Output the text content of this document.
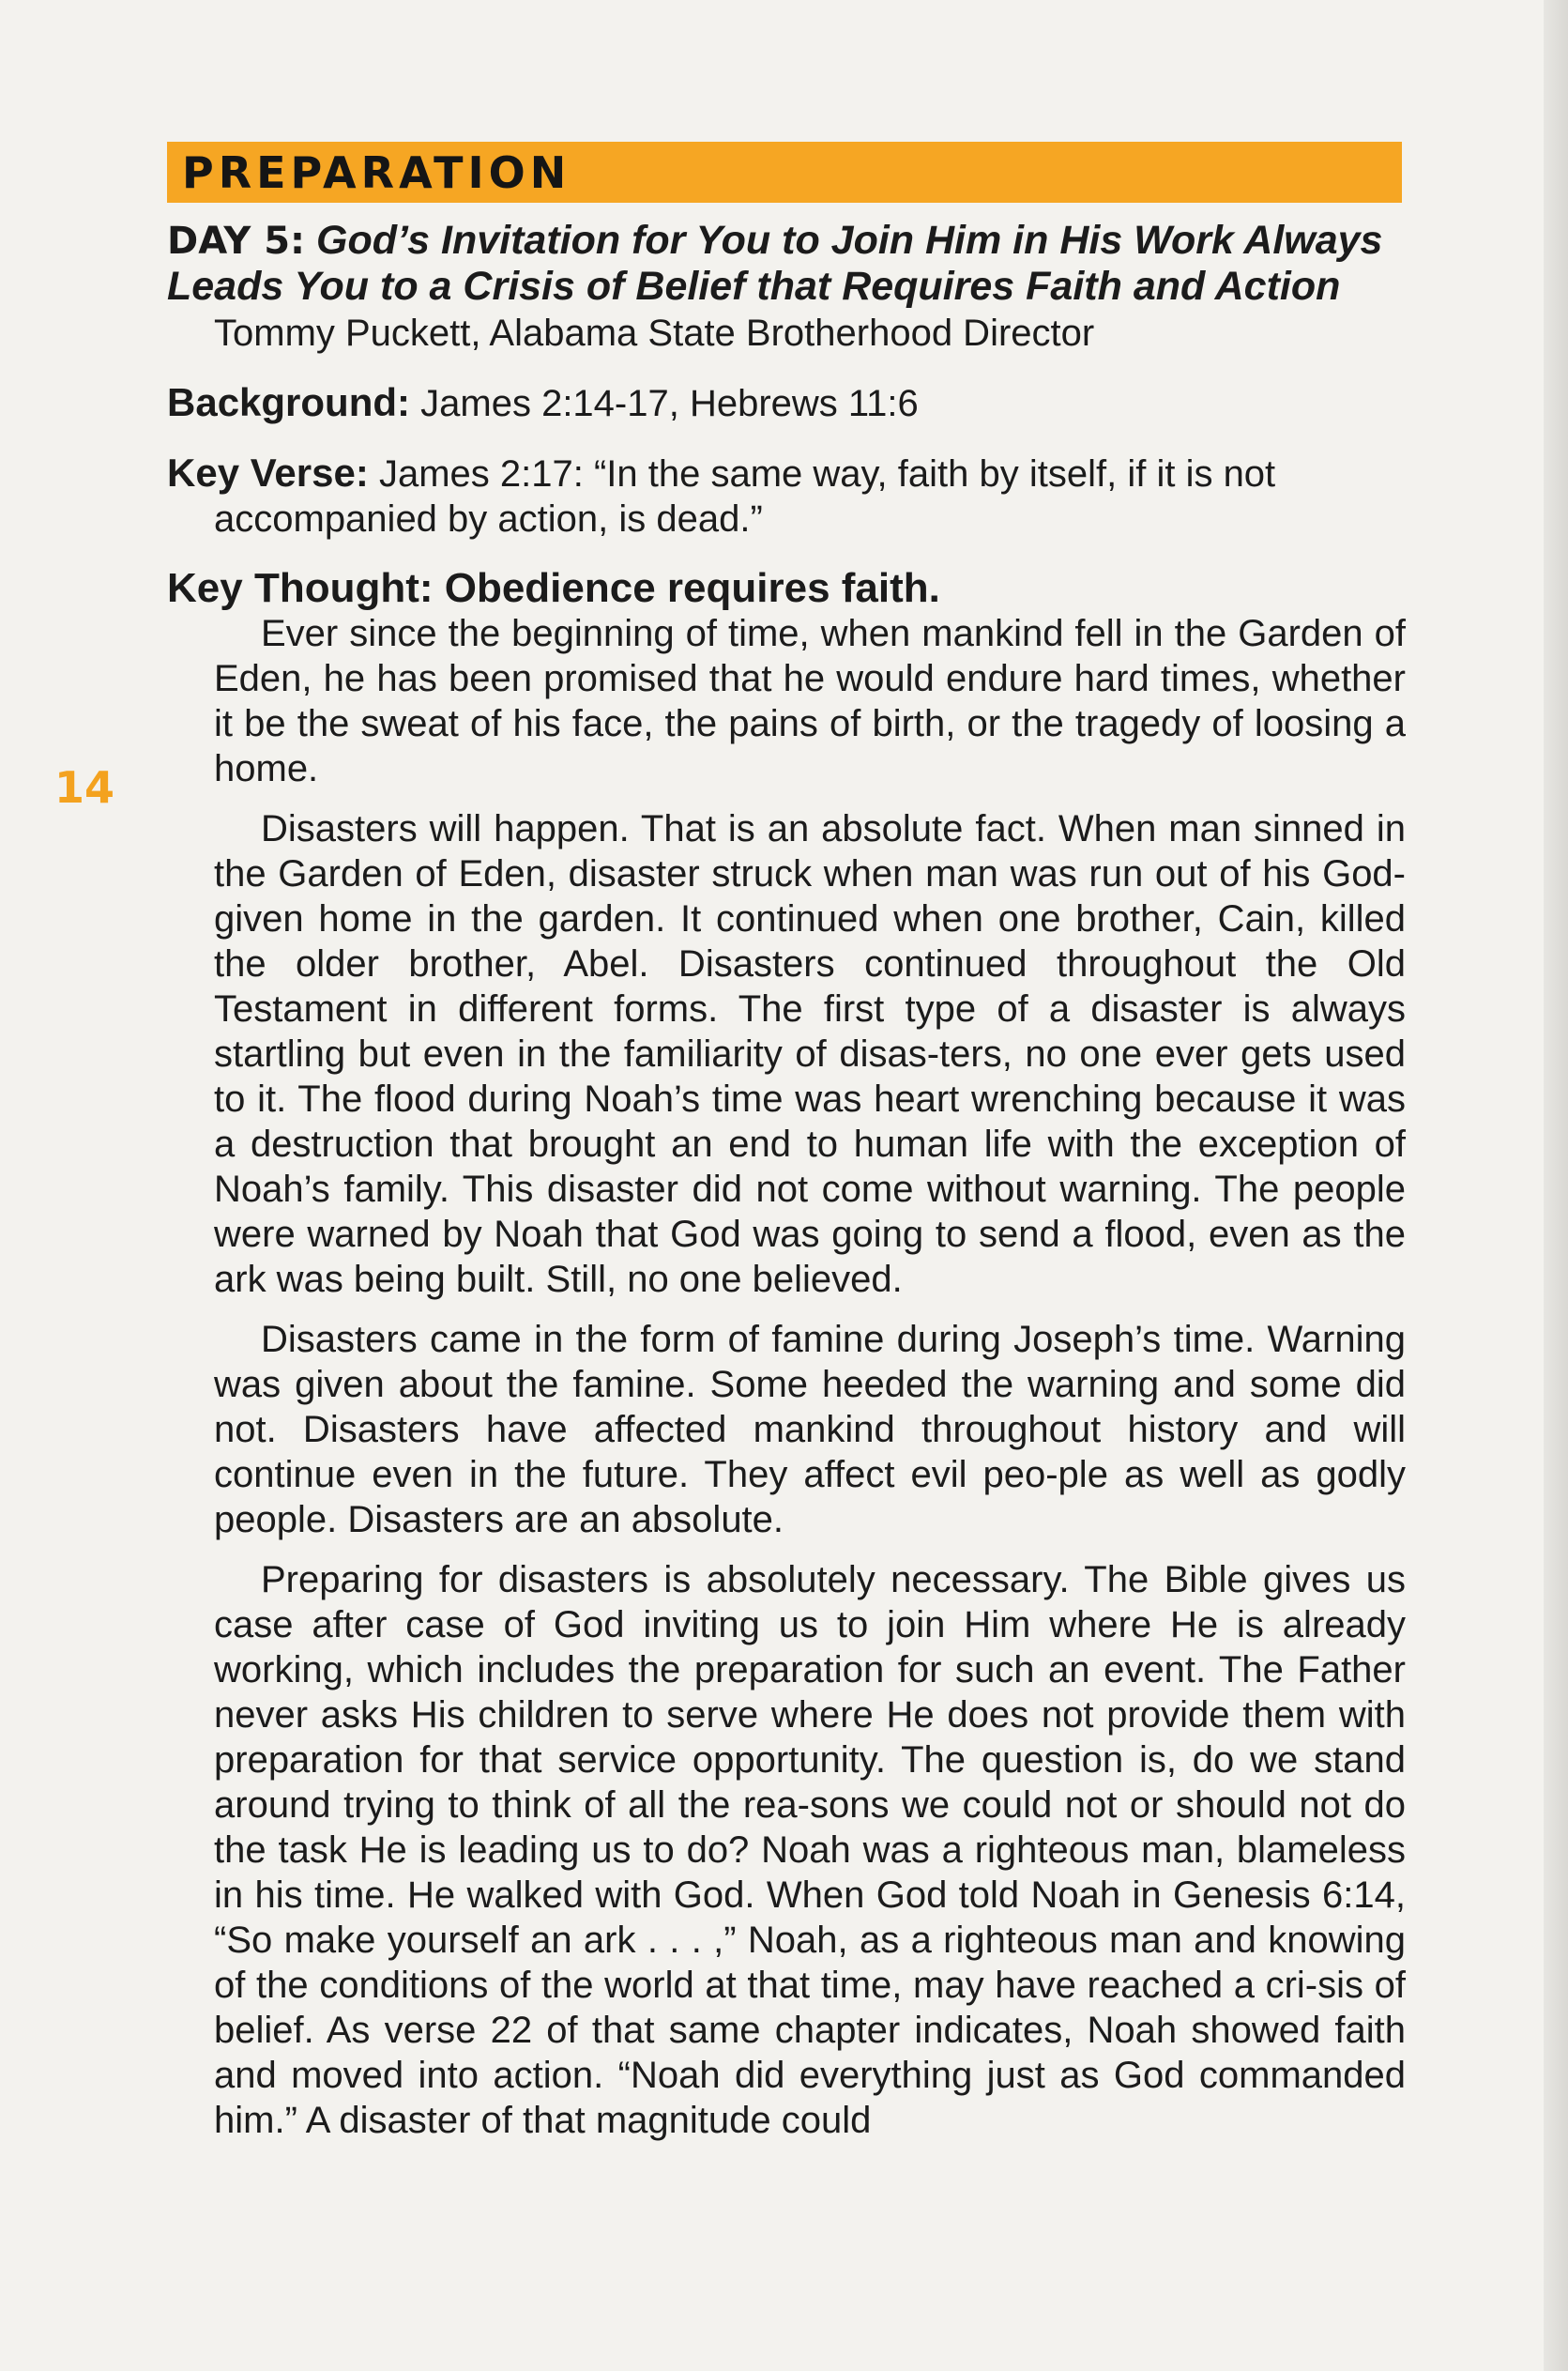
PREPARATION
14
DAY 5: God’s Invitation for You to Join Him in His Work Always Leads You to a Crisis of Belief that Requires Faith and Action

Tommy Puckett, Alabama State Brotherhood Director

Background: James 2:14-17, Hebrews 11:6

Key Verse: James 2:17: “In the same way, faith by itself, if it is not accompanied by action, is dead.”

Key Thought: Obedience requires faith.

Ever since the beginning of time, when mankind fell in the Garden of Eden, he has been promised that he would endure hard times, whether it be the sweat of his face, the pains of birth, or the tragedy of loosing a home.

Disasters will happen. That is an absolute fact. When man sinned in the Garden of Eden, disaster struck when man was run out of his God-given home in the garden. It continued when one brother, Cain, killed the older brother, Abel. Disasters continued throughout the Old Testament in different forms. The first type of a disaster is always startling but even in the familiarity of disas-ters, no one ever gets used to it. The flood during Noah’s time was heart wrenching because it was a destruction that brought an end to human life with the exception of Noah’s family. This disaster did not come without warning. The people were warned by Noah that God was going to send a flood, even as the ark was being built. Still, no one believed.

Disasters came in the form of famine during Joseph’s time. Warning was given about the famine. Some heeded the warning and some did not. Disasters have affected mankind throughout history and will continue even in the future. They affect evil peo-ple as well as godly people. Disasters are an absolute.

Preparing for disasters is absolutely necessary. The Bible gives us case after case of God inviting us to join Him where He is already working, which includes the preparation for such an event. The Father never asks His children to serve where He does not provide them with preparation for that service opportunity. The question is, do we stand around trying to think of all the rea-sons we could not or should not do the task He is leading us to do? Noah was a righteous man, blameless in his time. He walked with God. When God told Noah in Genesis 6:14, “So make yourself an ark . . . ,” Noah, as a righteous man and knowing of the conditions of the world at that time, may have reached a cri-sis of belief. As verse 22 of that same chapter indicates, Noah showed faith and moved into action. “Noah did everything just as God commanded him.” A disaster of that magnitude could
